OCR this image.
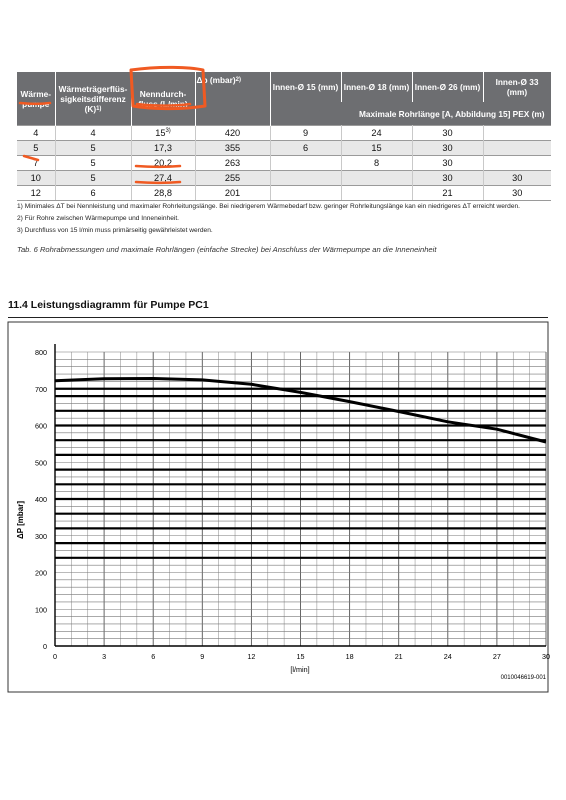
Wärme-pumpe	Wärmeträgerflüs-sigkeitsdifferenz $(K)^{1)}$	Nenndurch-fluss (L/min)	Δp (mbar)$^{2)}$	Innen-Ø 15 (mm)	Innen-Ø 18 (mm)	Innen-Ø 26 (mm)	Innen-Ø 33 (mm)
				Maximale Rohrlänge [A, Abbildung 15] PEX (m)			
4	4	15$^{3)}$	420	9	24	30	
5	5	17,3	355	6	15	30	
7	5	20,2	263		8	30	
10	5	27,4	255			30	30
12	6	28,8	201			21	30
1) Minimales ΔT bei Nennleistung und maximaler Rohrleitungslänge. Bei niedrigerem Wärmebedarf bzw. geringer Rohrleitungslänge kan ein niedrigeres ΔT erreicht werden.
2) Für Rohre zwischen Wärmepumpe und Inneneinheit.
3) Durchfluss von 15 l/min muss primärseitig gewährleistet werden.
Tab. 6 Rohrabmessungen und maximale Rohrlängen (einfache Strecke) bei Anschluss der Wärmepumpe an die Inneneinheit
11.4 Leistungsdiagramm für Pumpe PC1
0	3	6	9	12	15	18	21	24	27	30
0
100
200
300
400
500
600
700
800
ΔP [mbar]
[l/min]
0010046619-001
